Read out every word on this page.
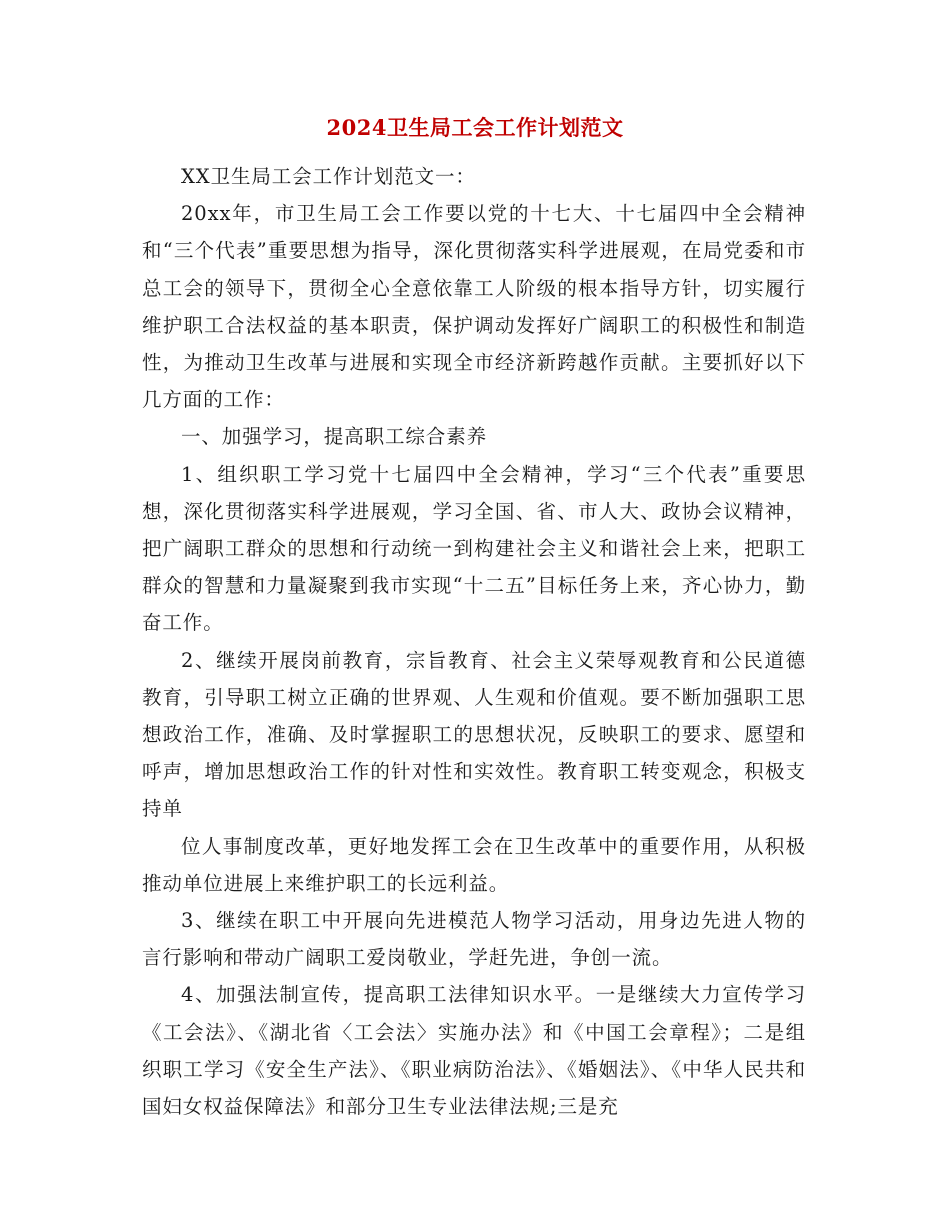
2024卫生局工会工作计划范文

XX卫生局工会工作计划范文一：

20xx年，市卫生局工会工作要以党的十七大、十七届四中全会精神和“三个代表”重要思想为指导，深化贯彻落实科学进展观，在局党委和市总工会的领导下，贯彻全心全意依靠工人阶级的根本指导方针，切实履行维护职工合法权益的基本职责，保护调动发挥好广阔职工的积极性和制造性，为推动卫生改革与进展和实现全市经济新跨越作贡献。主要抓好以下几方面的工作：

一、加强学习，提高职工综合素养

1、组织职工学习党十七届四中全会精神，学习“三个代表”重要思想，深化贯彻落实科学进展观，学习全国、省、市人大、政协会议精神，把广阔职工群众的思想和行动统一到构建社会主义和谐社会上来，把职工群众的智慧和力量凝聚到我市实现“十二五”目标任务上来，齐心协力，勤奋工作。

2、继续开展岗前教育，宗旨教育、社会主义荣辱观教育和公民道德教育，引导职工树立正确的世界观、人生观和价值观。要不断加强职工思想政治工作，准确、及时掌握职工的思想状况，反映职工的要求、愿望和呼声，增加思想政治工作的针对性和实效性。教育职工转变观念，积极支持单

位人事制度改革，更好地发挥工会在卫生改革中的重要作用，从积极推动单位进展上来维护职工的长远利益。

3、继续在职工中开展向先进模范人物学习活动，用身边先进人物的言行影响和带动广阔职工爱岗敬业，学赶先进，争创一流。

4、加强法制宣传，提高职工法律知识水平。一是继续大力宣传学习《工会法》、《湖北省〈工会法〉实施办法》和《中国工会章程》；二是组织职工学习《安全生产法》、《职业病防治法》、《婚姻法》、《中华人民共和国妇女权益保障法》和部分卫生专业法律法规;三是充
